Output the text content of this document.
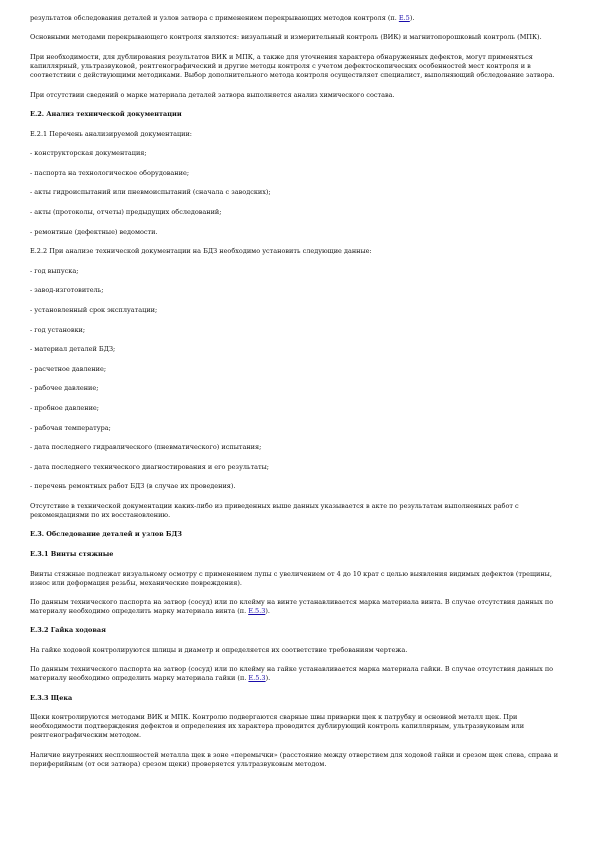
результатов обследования деталей и узлов затвора с применением перекрывающих методов контроля (п. Е.5).

Основными методами перекрывающего контроля являются: визуальный и измерительный контроль (ВИК) и магнитопорошковый контроль (МПК).

При необходимости, для дублирования результатов ВИК и МПК, а также для уточнения характера обнаруженных дефектов, могут применяться капиллярный, ультразвуковой, рентгенографический и другие методы контроля с учетом дефектоскопических особенностей мест контроля и в соответствии с действующими методиками. Выбор дополнительного метода контроля осуществляет специалист, выполняющий обследование затвора.

При отсутствии сведений о марке материала деталей затвора выполняется анализ химического состава.

Е.2. Анализ технической документации

Е.2.1 Перечень анализируемой документации:

- конструкторская документация;

- паспорта на технологическое оборудование;

- акты гидроиспытаний или пневмоиспытаний (сначала с заводских);

- акты (протоколы, отчеты) предыдущих обследований;

- ремонтные (дефектные) ведомости.

Е.2.2 При анализе технической документации на БДЗ необходимо установить следующие данные:

- год выпуска;

- завод-изготовитель;

- установленный срок эксплуатации;

- год установки;

- материал деталей БДЗ;

- расчетное давление;

- рабочее давление;

- пробное давление;

- рабочая температура;

- дата последнего гидравлического (пневматического) испытания;

- дата последнего технического диагностирования и его результаты;

- перечень ремонтных работ БДЗ (в случае их проведения).

Отсутствие в технической документации каких-либо из приведенных выше данных указывается в акте по результатам выполненных работ с рекомендациями по их восстановлению.

Е.3. Обследование деталей и узлов БДЗ

Е.3.1 Винты стяжные

Винты стяжные подлежат визуальному осмотру с применением лупы с увеличением от 4 до 10 крат с целью выявления видимых дефектов (трещины, износ или деформация резьбы, механические повреждения).

По данным технического паспорта на затвор (сосуд) или по клейму на винте устанавливается марка материала винта. В случае отсутствия данных по материалу необходимо определить марку материала винта (п. Е.5.3).

Е.3.2 Гайка ходовая

На гайке ходовой контролируются шлицы и диаметр и определяется их соответствие требованиям чертежа.

По данным технического паспорта на затвор (сосуд) или по клейму на гайке устанавливается марка материала гайки. В случае отсутствия данных по материалу необходимо определить марку материала гайки (п. Е.5.3).

Е.3.3 Щека

Щеки контролируются методами ВИК и МПК. Контролю подвергаются сварные швы приварки щек к патрубку и основной металл щек. При необходимости подтверждения дефектов и определения их характера проводится дублирующий контроль капиллярным, ультразвуковым или рентгенографическим методом.

Наличие внутренних несплошностей металла щек в зоне «перемычки» (расстояние между отверстием для ходовой гайки и срезом щек слева, справа и периферийным (от оси затвора) срезом щеки) проверяется ультразвуковым методом.
